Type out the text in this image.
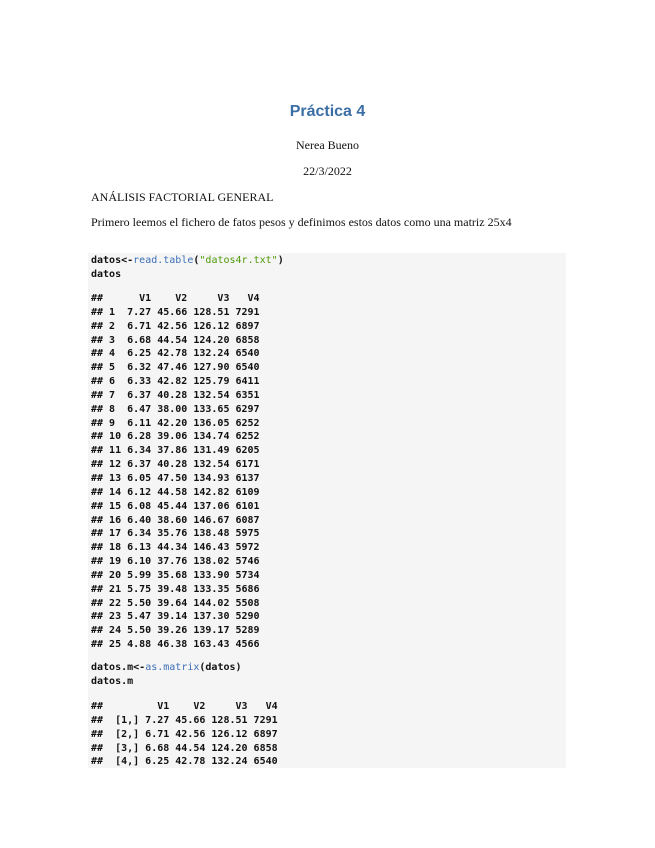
Práctica 4
Nerea Bueno
22/3/2022
ANÁLISIS FACTORIAL GENERAL
Primero leemos el fichero de fatos pesos y definimos estos datos como una matriz 25x4
datos<-read.table("datos4r.txt")
datos
##      V1    V2     V3   V4
## 1  7.27 45.66 128.51 7291
## 2  6.71 42.56 126.12 6897
## 3  6.68 44.54 124.20 6858
## 4  6.25 42.78 132.24 6540
## 5  6.32 47.46 127.90 6540
## 6  6.33 42.82 125.79 6411
## 7  6.37 40.28 132.54 6351
## 8  6.47 38.00 133.65 6297
## 9  6.11 42.20 136.05 6252
## 10 6.28 39.06 134.74 6252
## 11 6.34 37.86 131.49 6205
## 12 6.37 40.28 132.54 6171
## 13 6.05 47.50 134.93 6137
## 14 6.12 44.58 142.82 6109
## 15 6.08 45.44 137.06 6101
## 16 6.40 38.60 146.67 6087
## 17 6.34 35.76 138.48 5975
## 18 6.13 44.34 146.43 5972
## 19 6.10 37.76 138.02 5746
## 20 5.99 35.68 133.90 5734
## 21 5.75 39.48 133.35 5686
## 22 5.50 39.64 144.02 5508
## 23 5.47 39.14 137.30 5290
## 24 5.50 39.26 139.17 5289
## 25 4.88 46.38 163.43 4566
datos.m<-as.matrix(datos)
datos.m
##         V1    V2     V3   V4
##  [1,] 7.27 45.66 128.51 7291
##  [2,] 6.71 42.56 126.12 6897
##  [3,] 6.68 44.54 124.20 6858
##  [4,] 6.25 42.78 132.24 6540
